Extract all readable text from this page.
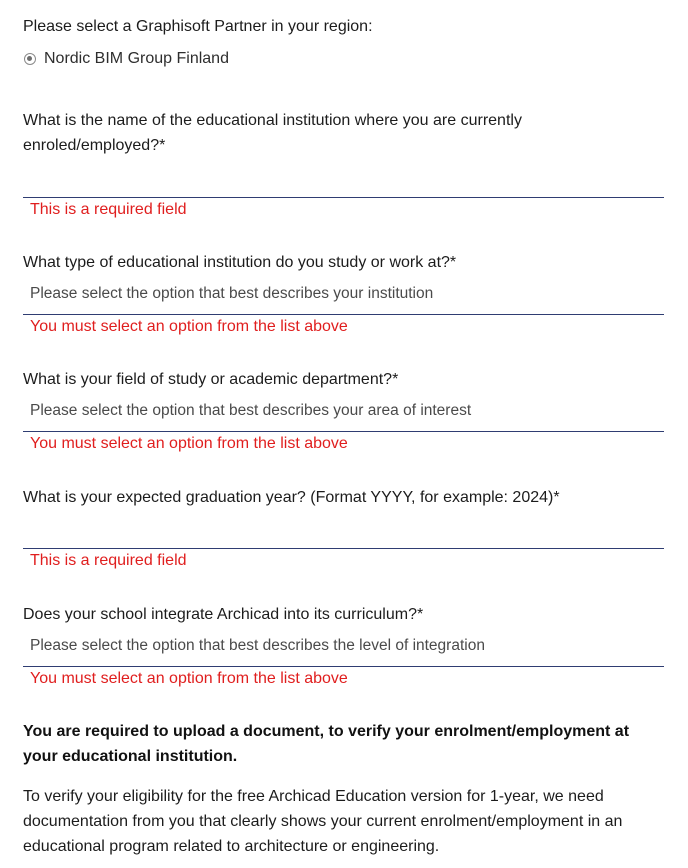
Please select a Graphisoft Partner in your region:
Nordic BIM Group Finland
What is the name of the educational institution where you are currently enroled/employed?*
This is a required field
What type of educational institution do you study or work at?*
Please select the option that best describes your institution
You must select an option from the list above
What is your field of study or academic department?*
Please select the option that best describes your area of interest
You must select an option from the list above
What is your expected graduation year? (Format YYYY, for example: 2024)*
This is a required field
Does your school integrate Archicad into its curriculum?*
Please select the option that best describes the level of integration
You must select an option from the list above
You are required to upload a document, to verify your enrolment/employment at your educational institution.
To verify your eligibility for the free Archicad Education version for 1-year, we need documentation from you that clearly shows your current enrolment/employment in an educational program related to architecture or engineering.
